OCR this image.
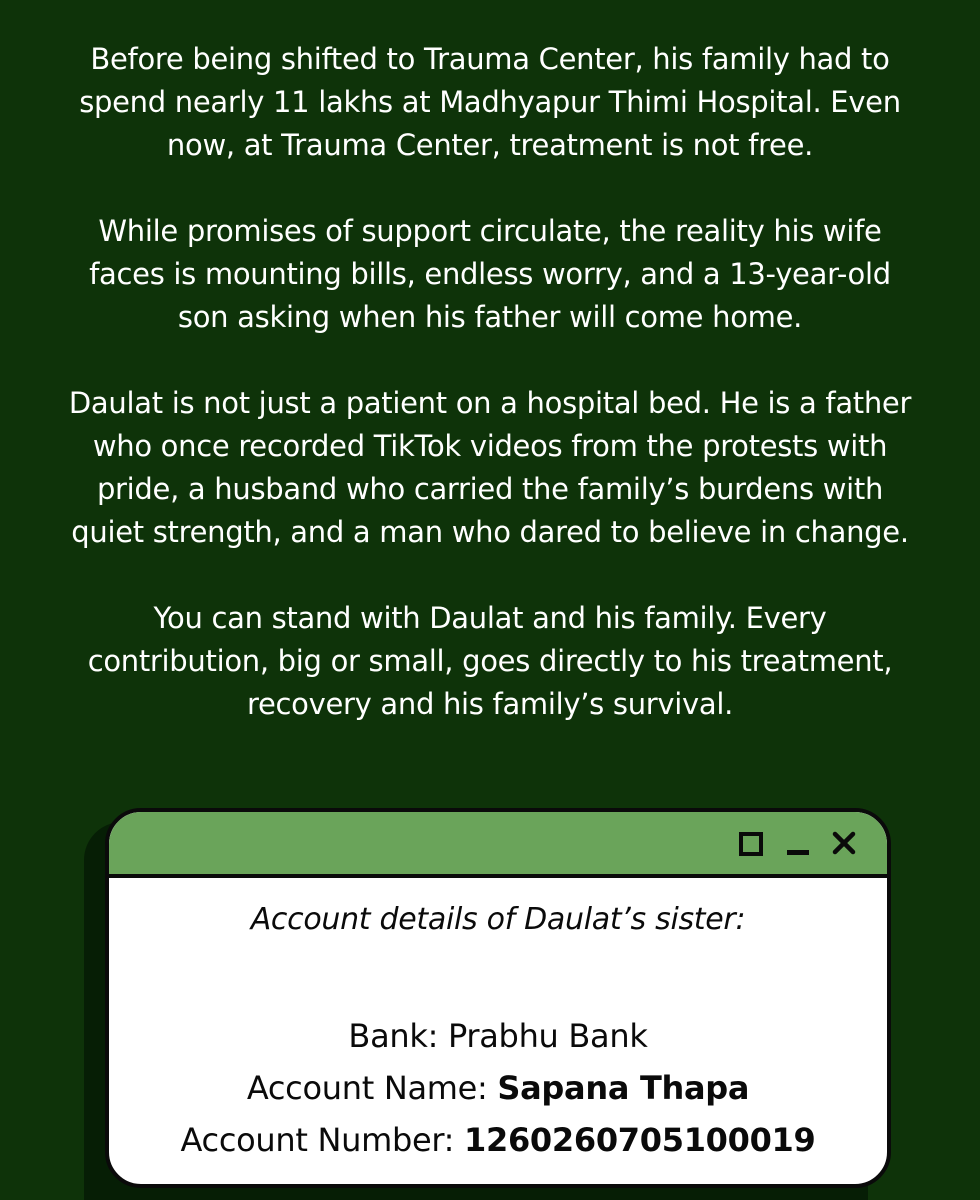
Before being shifted to Trauma Center, his family had to spend nearly 11 lakhs at Madhyapur Thimi Hospital. Even now, at Trauma Center, treatment is not free.

While promises of support circulate, the reality his wife faces is mounting bills, endless worry, and a 13-year-old son asking when his father will come home.

Daulat is not just a patient on a hospital bed. He is a father who once recorded TikTok videos from the protests with pride, a husband who carried the family’s burdens with quiet strength, and a man who dared to believe in change.

You can stand with Daulat and his family. Every contribution, big or small, goes directly to his treatment, recovery and his family’s survival.

Account details of Daulat’s sister:
Bank: Prabhu Bank
Account Name: Sapana Thapa
Account Number: 1260260705100019
